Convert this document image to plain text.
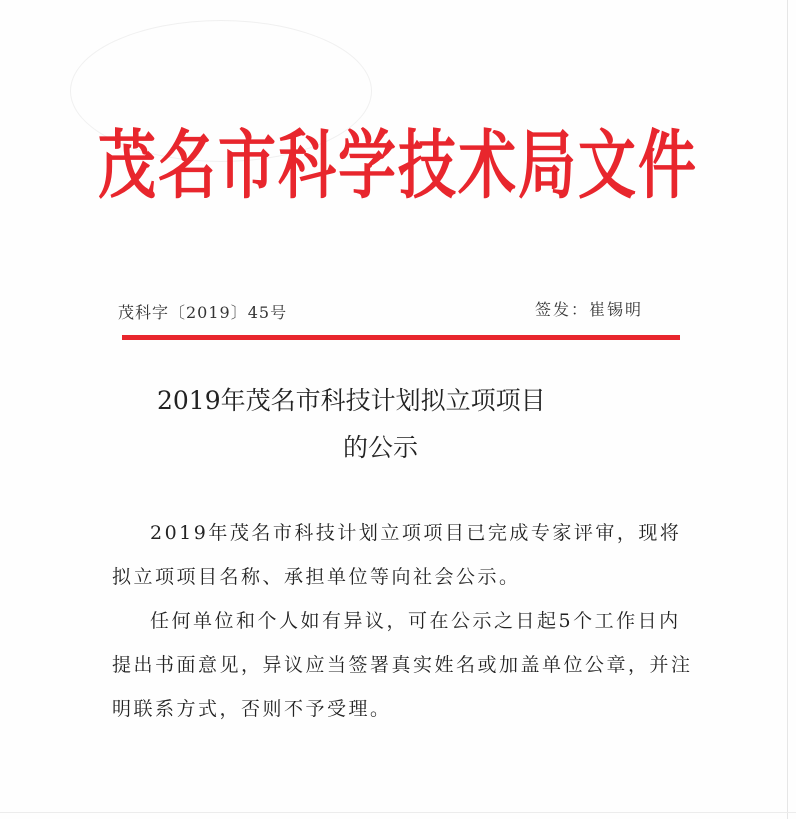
茂名市科学技术局文件
茂科字〔2019〕45号	签发：崔锡明
2019年茂名市科技计划拟立项项目
的公示
2019年茂名市科技计划立项项目已完成专家评审，现将拟立项项目名称、承担单位等向社会公示。
任何单位和个人如有异议，可在公示之日起5个工作日内提出书面意见，异议应当签署真实姓名或加盖单位公章，并注明联系方式，否则不予受理。
